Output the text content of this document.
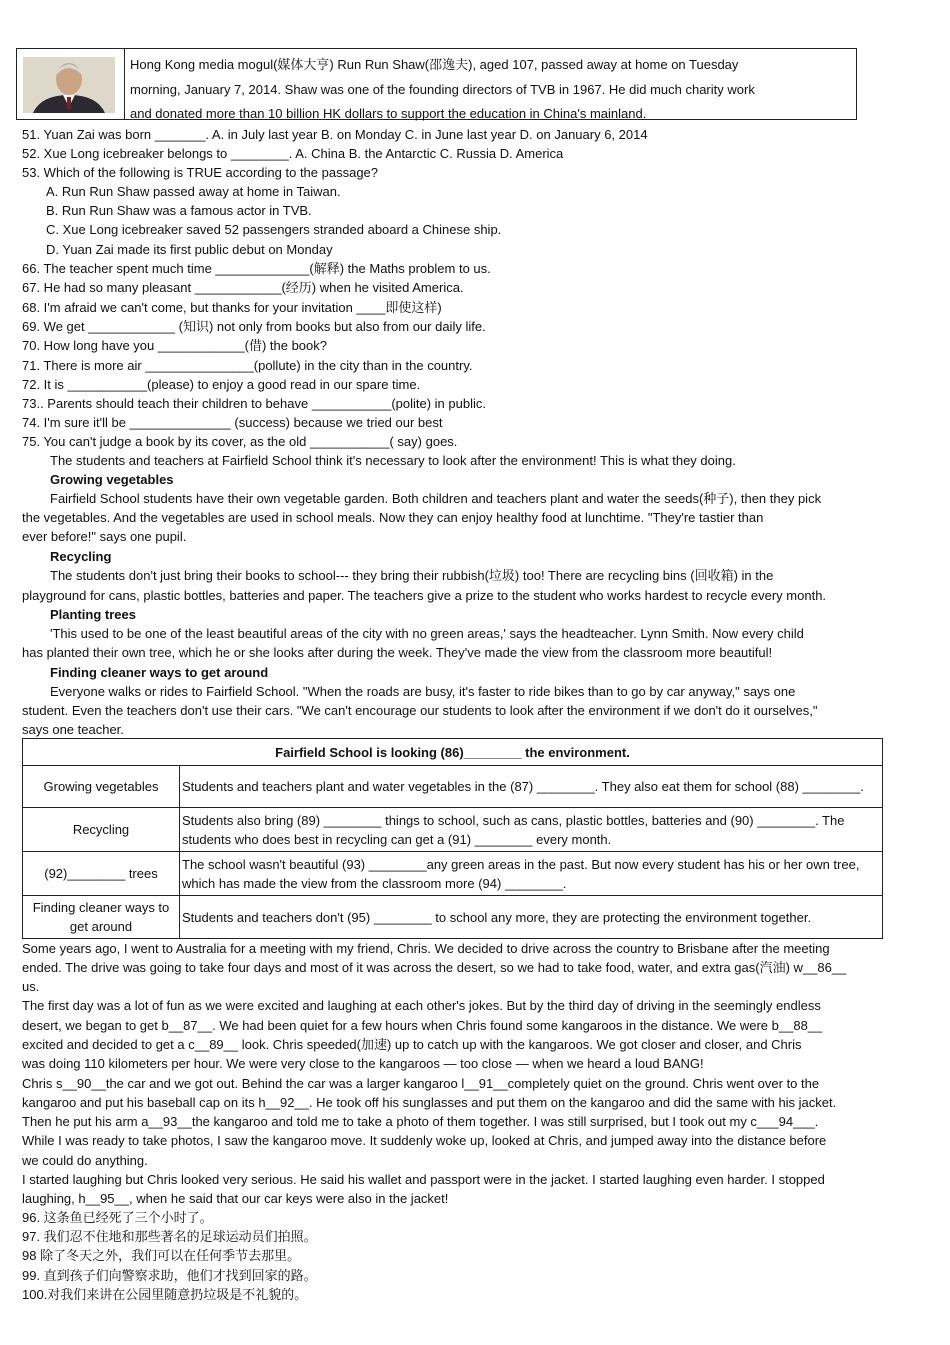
Hong Kong media mogul(媒体大亨) Run Run Shaw(邵逸夫), aged 107, passed away at home on Tuesday
morning, January 7, 2014. Shaw was one of the founding directors of TVB in 1967. He did much charity work
and donated more than 10 billion HK dollars to support the education in China's mainland.
51. Yuan Zai was born _______. A. in July last year B. on Monday C. in June last year D. on January 6, 2014
52. Xue Long icebreaker belongs to ________. A. China B. the Antarctic C. Russia D. America
53. Which of the following is TRUE according to the passage?
A. Run Run Shaw passed away at home in Taiwan.
B. Run Run Shaw was a famous actor in TVB.
C. Xue Long icebreaker saved 52 passengers stranded aboard a Chinese ship.
D. Yuan Zai made its first public debut on Monday
66. The teacher spent much time _____________(解释) the Maths problem to us.
67. He had so many pleasant ____________(经历) when he visited America.
68. I'm afraid we can't come, but thanks for your invitation ____即使这样)
69. We get ____________ (知识) not only from books but also from our daily life.
70. How long have you ____________(借) the book?
71. There is more air _______________(pollute) in the city than in the country.
72. It is ___________(please) to enjoy a good read in our spare time.
73.. Parents should teach their children to behave ___________(polite) in public.
74. I'm sure it'll be ______________ (success) because we tried our best
75. You can't judge a book by its cover, as the old ___________( say) goes.
The students and teachers at Fairfield School think it's necessary to look after the environment! This is what they doing.
Growing vegetables
Fairfield School students have their own vegetable garden. Both children and teachers plant and water the seeds(种子), then they pick
the vegetables. And the vegetables are used in school meals. Now they can enjoy healthy food at lunchtime. "They're tastier than
ever before!" says one pupil.
Recycling
The students don't just bring their books to school--- they bring their rubbish(垃圾) too! There are recycling bins (回收箱) in the
playground for cans, plastic bottles, batteries and paper. The teachers give a prize to the student who works hardest to recycle every month.
Planting trees
'This used to be one of the least beautiful areas of the city with no green areas,' says the headteacher. Lynn Smith. Now every child
has planted their own tree, which he or she looks after during the week. They've made the view from the classroom more beautiful!
Finding cleaner ways to get around
Everyone walks or rides to Fairfield School. "When the roads are busy, it's faster to ride bikes than to go by car anyway," says one
student. Even the teachers don't use their cars. "We can't encourage our students to look after the environment if we don't do it ourselves,"
says one teacher.
Fairfield School is looking (86)________ the environment.	
Growing vegetables	Students and teachers plant and water vegetables in the (87) ________. They also eat them for school (88) ________.
Recycling	Students also bring (89) ________ things to school, such as cans, plastic bottles, batteries and (90) ________. The students who does best in recycling can get a (91) ________ every month.
(92)________ trees	The school wasn't beautiful (93) ________any green areas in the past. But now every student has his or her own tree, which has made the view from the classroom more (94) ________.
Finding cleaner ways to get around	Students and teachers don't (95) ________ to school any more, they are protecting the environment together.
Some years ago, I went to Australia for a meeting with my friend, Chris. We decided to drive across the country to Brisbane after the meeting
ended. The drive was going to take four days and most of it was across the desert, so we had to take food, water, and extra gas(汽油) w__86__
us.
The first day was a lot of fun as we were excited and laughing at each other's jokes. But by the third day of driving in the seemingly endless
desert, we began to get b__87__. We had been quiet for a few hours when Chris found some kangaroos in the distance. We were b__88__
excited and decided to get a c__89__ look. Chris speeded(加速) up to catch up with the kangaroos. We got closer and closer, and Chris
was doing 110 kilometers per hour. We were very close to the kangaroos — too close — when we heard a loud BANG!
Chris s__90__the car and we got out. Behind the car was a larger kangaroo l__91__completely quiet on the ground. Chris went over to the
kangaroo and put his baseball cap on its h__92__. He took off his sunglasses and put them on the kangaroo and did the same with his jacket.
Then he put his arm a__93__the kangaroo and told me to take a photo of them together. I was still surprised, but I took out my c___94___.
While I was ready to take photos, I saw the kangaroo move. It suddenly woke up, looked at Chris, and jumped away into the distance before
we could do anything.
I started laughing but Chris looked very serious. He said his wallet and passport were in the jacket. I started laughing even harder. I stopped
laughing, h__95__, when he said that our car keys were also in the jacket!
96. 这条鱼已经死了三个小时了。
97. 我们忍不住地和那些著名的足球运动员们拍照。
98 除了冬天之外，我们可以在任何季节去那里。
99. 直到孩子们向警察求助，他们才找到回家的路。
100.对我们来讲在公园里随意扔垃圾是不礼貌的。
